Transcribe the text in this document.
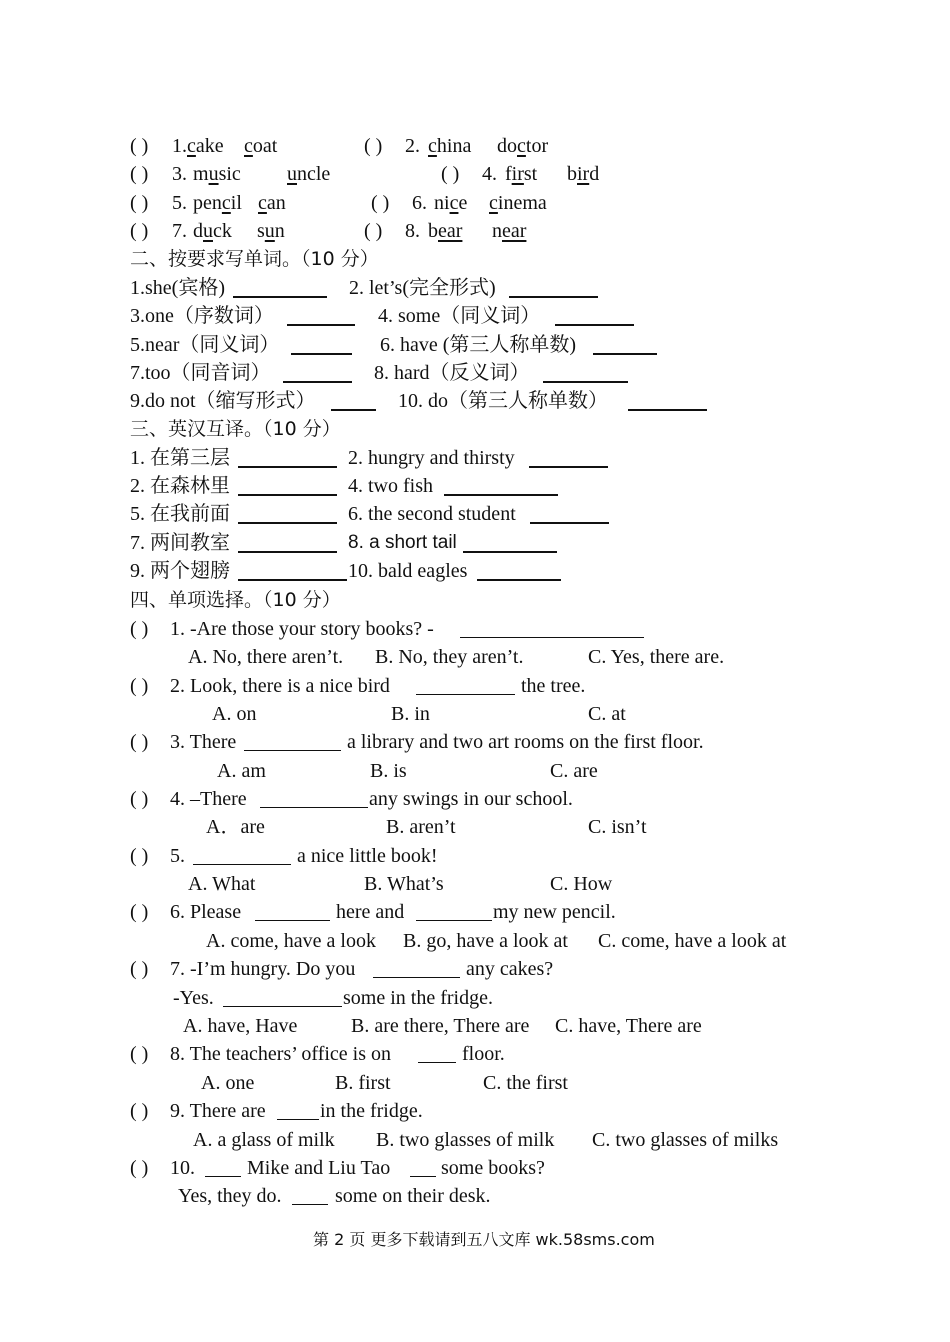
( ) 1. cake coat	( ) 2. china doctor
( ) 3. music uncle	( ) 4. first bird
( ) 5. pencil can	( ) 6. nice cinema
( ) 7. duck sun	( ) 8. bear near
二、按要求写单词。（10 分）
1.she(宾格)	2. let’s(完全形式)
3.one（序数词）	4. some（同义词）
5.near（同义词）	6. have (第三人称单数)
7.too（同音词）	8. hard（反义词）
9.do not（缩写形式）	10. do（第三人称单数）
三、英汉互译。（10 分）
1. 在第三层	2. hungry and thirsty
2. 在森林里	4. two fish
5. 在我前面	6. the second student
7. 两间教室	8. a short tail
9. 两个翅膀	10. bald eagles
四、单项选择。（10 分）
( ) 1. -Are those your story books? -
A. No, there aren’t. B. No, they aren’t.	C. Yes, there are.
( ) 2. Look, there is a nice bird	the tree.
A. on	B. in	C. at
( ) 3. There	a library and two art rooms on the first floor.
A. am	B. is	C. are
( ) 4. –There	any swings in our school.
A．are	B. aren’t	C. isn’t
( ) 5.	a nice little book!
A. What	B. What’s	C. How
( ) 6. Please	here and	my new pencil.
A. come, have a look B. go, have a look at C. come, have a look at
( ) 7. -I’m hungry. Do you	any cakes?
-Yes.	some in the fridge.
A. have, Have	B. are there, There are C. have, There are
( ) 8. The teachers’ office is on	floor.
A. one	B. first	C. the first
( ) 9. There are	in the fridge.
A. a glass of milk B. two glasses of milk C. two glasses of milks
( ) 10.	Mike and Liu Tao	some books?
Yes, they do.	some on their desk.
第 2 页 更多下载请到五八文库 wk.58sms.com
